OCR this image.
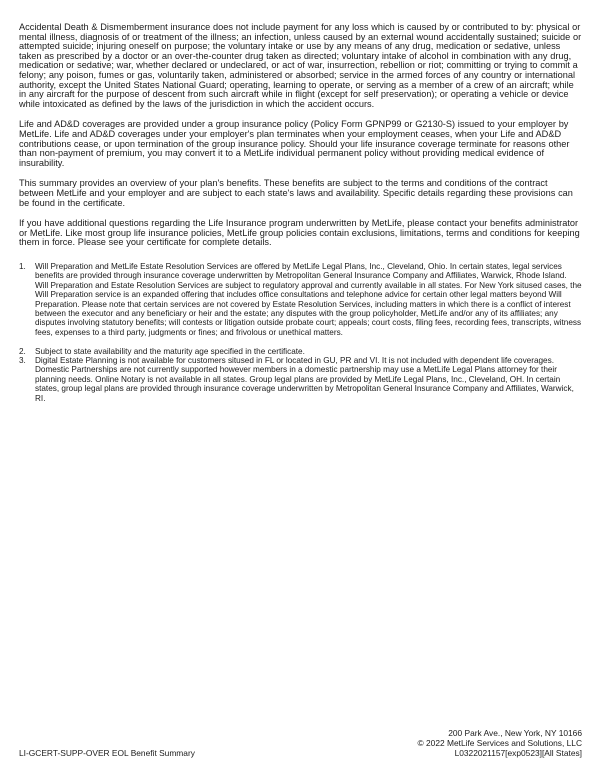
Accidental Death & Dismemberment insurance does not include payment for any loss which is caused by or contributed to by: physical or mental illness, diagnosis of or treatment of the illness; an infection, unless caused by an external wound accidentally sustained; suicide or attempted suicide; injuring oneself on purpose; the voluntary intake or use by any means of any drug, medication or sedative, unless taken as prescribed by a doctor or an over-the-counter drug taken as directed; voluntary intake of alcohol in combination with any drug, medication or sedative; war, whether declared or undeclared, or act of war, insurrection, rebellion or riot; committing or trying to commit a felony; any poison, fumes or gas, voluntarily taken, administered or absorbed; service in the armed forces of any country or international authority, except the United States National Guard; operating, learning to operate, or serving as a member of a crew of an aircraft; while in any aircraft for the purpose of descent from such aircraft while in flight (except for self preservation); or operating a vehicle or device while intoxicated as defined by the laws of the jurisdiction in which the accident occurs.

Life and AD&D coverages are provided under a group insurance policy (Policy Form GPNP99 or G2130-S) issued to your employer by MetLife. Life and AD&D coverages under your employer's plan terminates when your employment ceases, when your Life and AD&D contributions cease, or upon termination of the group insurance policy. Should your life insurance coverage terminate for reasons other than non-payment of premium, you may convert it to a MetLife individual permanent policy without providing medical evidence of insurability.

This summary provides an overview of your plan's benefits. These benefits are subject to the terms and conditions of the contract between MetLife and your employer and are subject to each state's laws and availability. Specific details regarding these provisions can be found in the certificate.

If you have additional questions regarding the Life Insurance program underwritten by MetLife, please contact your benefits administrator or MetLife. Like most group life insurance policies, MetLife group policies contain exclusions, limitations, terms and conditions for keeping them in force. Please see your certificate for complete details.

1.	Will Preparation and MetLife Estate Resolution Services are offered by MetLife Legal Plans, Inc., Cleveland, Ohio. In certain states, legal services benefits are provided through insurance coverage underwritten by Metropolitan General Insurance Company and Affiliates, Warwick, Rhode Island. Will Preparation and Estate Resolution Services are subject to regulatory approval and currently available in all states. For New York sitused cases, the Will Preparation service is an expanded offering that includes office consultations and telephone advice for certain other legal matters beyond Will Preparation. Please note that certain services are not covered by Estate Resolution Services, including matters in which there is a conflict of interest between the executor and any beneficiary or heir and the estate; any disputes with the group policyholder, MetLife and/or any of its affiliates; any disputes involving statutory benefits; will contests or litigation outside probate court; appeals; court costs, filing fees, recording fees, transcripts, witness fees, expenses to a third party, judgments or fines; and frivolous or unethical matters.
2.	Subject to state availability and the maturity age specified in the certificate.
3.	Digital Estate Planning is not available for customers sitused in FL or located in GU, PR and VI. It is not included with dependent life coverages. Domestic Partnerships are not currently supported however members in a domestic partnership may use a MetLife Legal Plans attorney for their planning needs. Online Notary is not available in all states. Group legal plans are provided by MetLife Legal Plans, Inc., Cleveland, OH. In certain states, group legal plans are provided through insurance coverage underwritten by Metropolitan General Insurance Company and Affiliates, Warwick, RI.
LI-GCERT-SUPP-OVER EOL Benefit Summary
200 Park Ave., New York, NY 10166
© 2022 MetLife Services and Solutions, LLC
L0322021157[exp0523][All States]
